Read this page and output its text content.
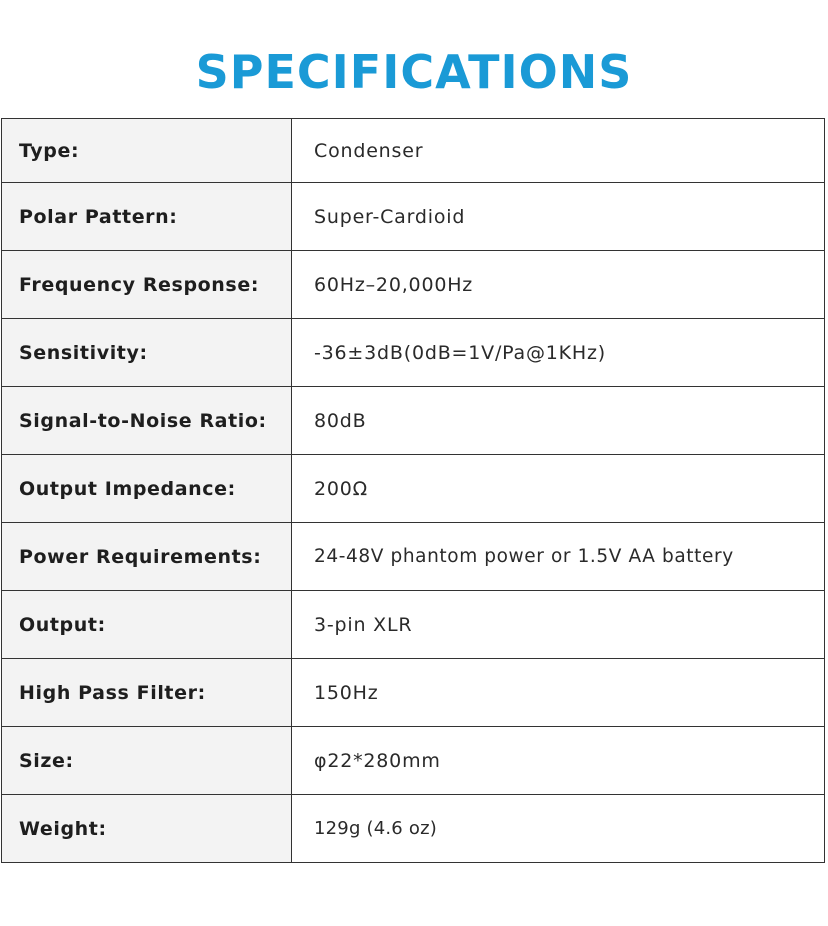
SPECIFICATIONS
Type:	Condenser
Polar Pattern:	Super-Cardioid
Frequency Response:	60Hz–20,000Hz
Sensitivity:	-36±3dB(0dB=1V/Pa@1KHz)
Signal-to-Noise Ratio:	80dB
Output Impedance:	200Ω
Power Requirements:	24-48V phantom power or 1.5V AA battery
Output:	3-pin XLR
High Pass Filter:	150Hz
Size:	φ22*280mm
Weight:	129g (4.6 oz)
